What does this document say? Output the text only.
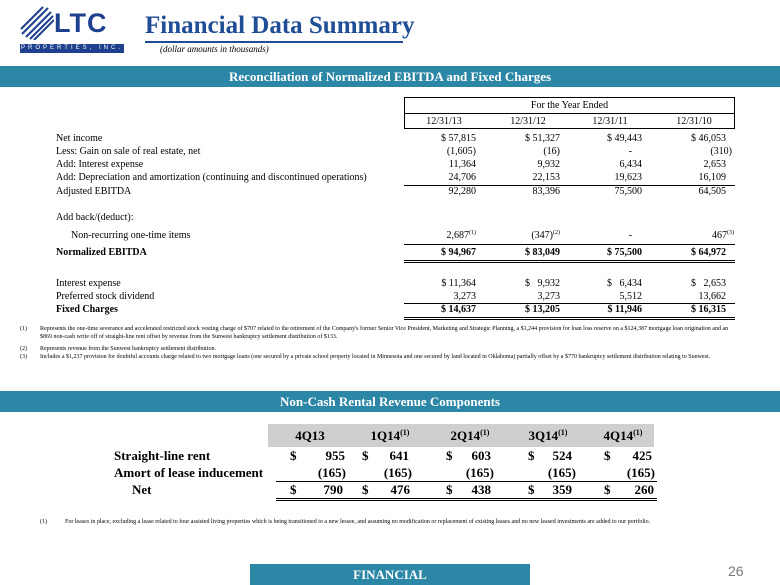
LTC
PROPERTIES, INC.
Financial Data Summary
(dollar amounts in thousands)
Reconciliation of Normalized EBITDA and Fixed Charges
For the Year Ended
12/31/13	12/31/12	12/31/11	12/31/10
Net income	$ 57,815	$ 51,327	$ 49,443	$ 46,053
Less: Gain on sale of real estate, net	(1,605)	(16)	-	(310)
Add: Interest expense	11,364	9,932	6,434	2,653
Add: Depreciation and amortization (continuing and discontinued operations)	24,706	22,153	19,623	16,109
Adjusted EBITDA	92,280	83,396	75,500	64,505
Add back/(deduct):
Non-recurring one-time items	2,687$^{(1)}$	$(347)^{(2)}$	-	467$^{(3)}$
Normalized EBITDA	$ 94,967	$ 83,049	$ 75,500	$ 64,972
Interest expense	$ 11,364	$   9,932	$   6,434	$   2,653
Preferred stock dividend	3,273	3,273	5,512	13,662
Fixed Charges	$ 14,637	$ 13,205	$ 11,946	$ 16,315
(1) Represents the one-time severance and accelerated restricted stock vesting charge of $707 related to the retirement of the Company's former Senior Vice President, Marketing and Strategic Planning, a $1,244 provision for loan loss reserve on a $124,387 mortgage loan origination and an $869 non-cash write off of straight-line rent offset by revenue from the Sunwest bankruptcy settlement distribution of $133.
(2) Represents revenue from the Sunwest bankruptcy settlement distribution.
(3) Includes a $1,237 provision for doubtful accounts charge related to two mortgage loans (one secured by a private school property located in Minnesota and one secured by land located in Oklahoma) partially offset by a $770 bankruptcy settlement distribution relating to Sunwest.
Non-Cash Rental Revenue Components
4Q13	1Q14$^{(1)}$	2Q14$^{(1)}$	3Q14$^{(1)}$	4Q14$^{(1)}$
Straight-line rent	$	955 $	641	$	603	$	524 $	425
Amort of lease inducement	(165)	(165)	(165)	(165)	(165)
Net	$	790 $	476	$	438	$	359 $	260
(1)	For leases in place, excluding a lease related to four assisted living properties which is being transitioned to a new lessee, and assuming no modification or replacement of existing leases and no new leased investments are added to our portfolio.
FINANCIAL	26
